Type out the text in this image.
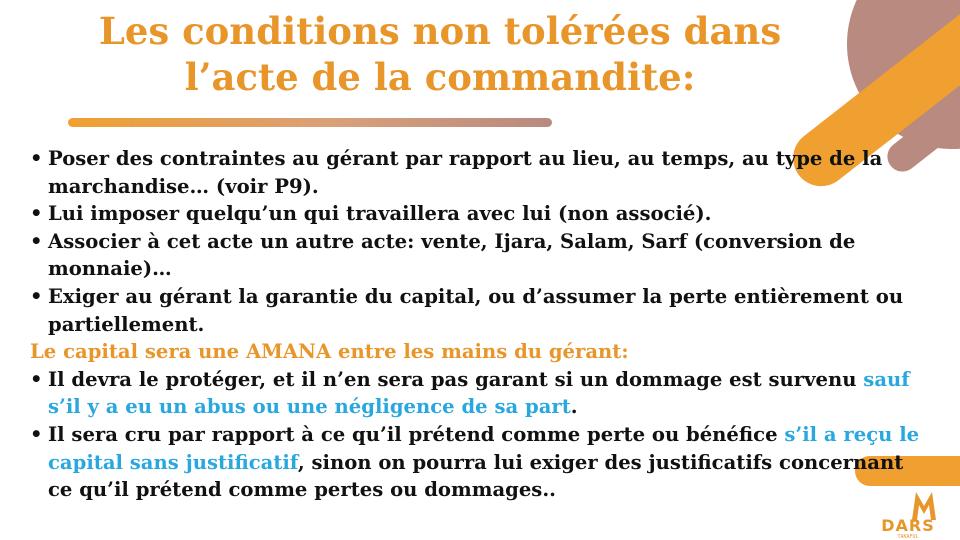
Les conditions non tolérées dans l’acte de la commandite:
• Poser des contraintes au gérant par rapport au lieu, au temps, au type de la marchandise… (voir P9).
• Lui imposer quelqu’un qui travaillera avec lui (non associé).
• Associer à cet acte un autre acte: vente, Ijara, Salam, Sarf (conversion de monnaie)…
• Exiger au gérant la garantie du capital, ou d’assumer la perte entièrement ou partiellement.
Le capital sera une AMANA entre les mains du gérant:
• Il devra le protéger, et il n’en sera pas garant si un dommage est survenu sauf s’il y a eu un abus ou une négligence de sa part.
• Il sera cru par rapport à ce qu’il prétend comme perte ou bénéfice s’il a reçu le capital sans justificatif, sinon on pourra lui exiger des justificatifs concernant ce qu’il prétend comme pertes ou dommages..
DARS
TAKAFUL
